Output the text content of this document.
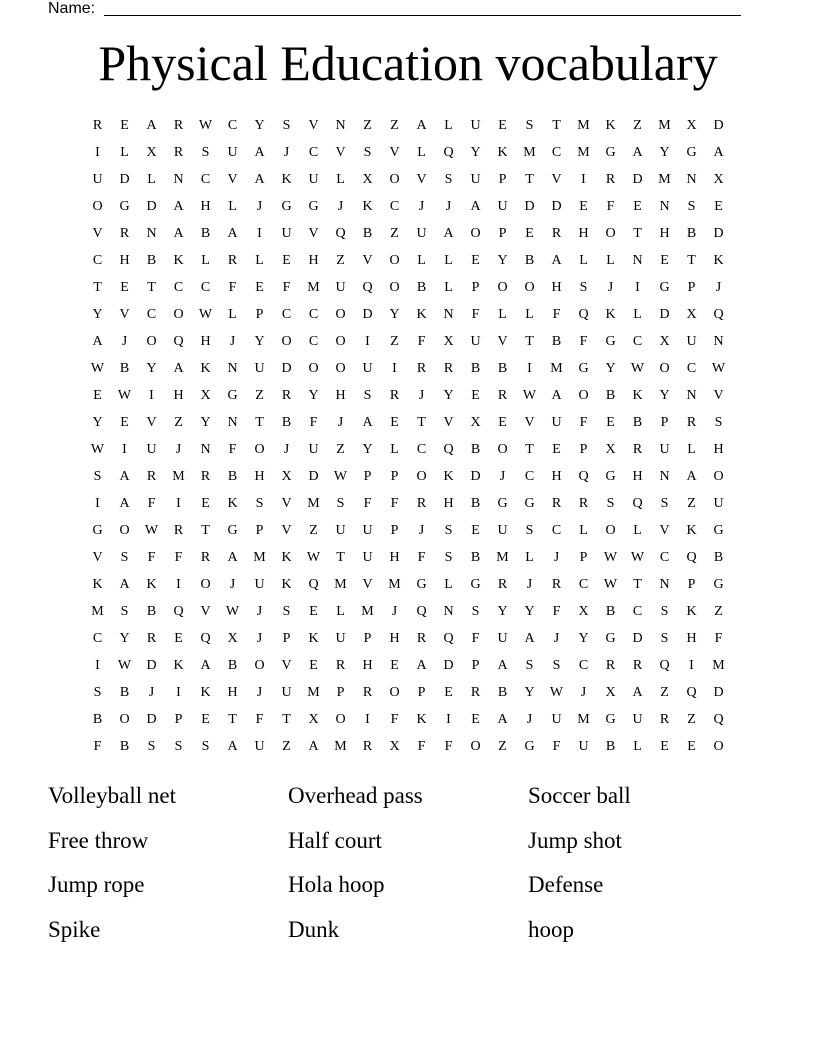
Name:
Physical Education vocabulary
R	E	A	R	W	C	Y	S	V	N	Z	Z	A	L	U	E	S	T	M	K	Z	M	X	D
I	L	X	R	S	U	A	J	C	V	S	V	L	Q	Y	K	M	C	M	G	A	Y	G	A
U	D	L	N	C	V	A	K	U	L	X	O	V	S	U	P	T	V	I	R	D	M	N	X
O	G	D	A	H	L	J	G	G	J	K	C	J	J	A	U	D	D	E	F	E	N	S	E
V	R	N	A	B	A	I	U	V	Q	B	Z	U	A	O	P	E	R	H	O	T	H	B	D
C	H	B	K	L	R	L	E	H	Z	V	O	L	L	E	Y	B	A	L	L	N	E	T	K
T	E	T	C	C	F	E	F	M	U	Q	O	B	L	P	O	O	H	S	J	I	G	P	J
Y	V	C	O	W	L	P	C	C	O	D	Y	K	N	F	L	L	F	Q	K	L	D	X	Q
A	J	O	Q	H	J	Y	O	C	O	I	Z	F	X	U	V	T	B	F	G	C	X	U	N
W	B	Y	A	K	N	U	D	O	O	U	I	R	R	B	B	I	M	G	Y	W	O	C	W
E	W	I	H	X	G	Z	R	Y	H	S	R	J	Y	E	R	W	A	O	B	K	Y	N	V
Y	E	V	Z	Y	N	T	B	F	J	A	E	T	V	X	E	V	U	F	E	B	P	R	S
W	I	U	J	N	F	O	J	U	Z	Y	L	C	Q	B	O	T	E	P	X	R	U	L	H
S	A	R	M	R	B	H	X	D	W	P	P	O	K	D	J	C	H	Q	G	H	N	A	O
I	A	F	I	E	K	S	V	M	S	F	F	R	H	B	G	G	R	R	S	Q	S	Z	U
G	O	W	R	T	G	P	V	Z	U	U	P	J	S	E	U	S	C	L	O	L	V	K	G
V	S	F	F	R	A	M	K	W	T	U	H	F	S	B	M	L	J	P	W W	C	Q	B
K	A	K	I	O	J	U	K	Q	M	V	M	G	L	G	R	J	R	C	W	T	N	P	G
M	S	B	Q	V	W	J	S	E	L	M	J	Q	N	S	Y	Y	F	X	B	C	S	K	Z
C	Y	R	E	Q	X	J	P	K	U	P	H	R	Q	F	U	A	J	Y	G	D	S	H	F
I	W	D	K	A	B	O	V	E	R	H	E	A	D	P	A	S	S	C	R	R	Q	I	M
S	B	J	I	K	H	J	U	M	P	R	O	P	E	R	B	Y	W	J	X	A	Z	Q	D
B	O	D	P	E	T	F	T	X	O	I	F	K	I	E	A	J	U	M	G	U	R	Z	Q
F	B	S	S	S	A	U	Z	A	M	R	X	F	F	O	Z	G	F	U	B	L	E	E	O
Volleyball net	Overhead pass	Soccer ball
Free throw	Half court	Jump shot
Jump rope	Hola hoop	Defense
Spike	Dunk	hoop
